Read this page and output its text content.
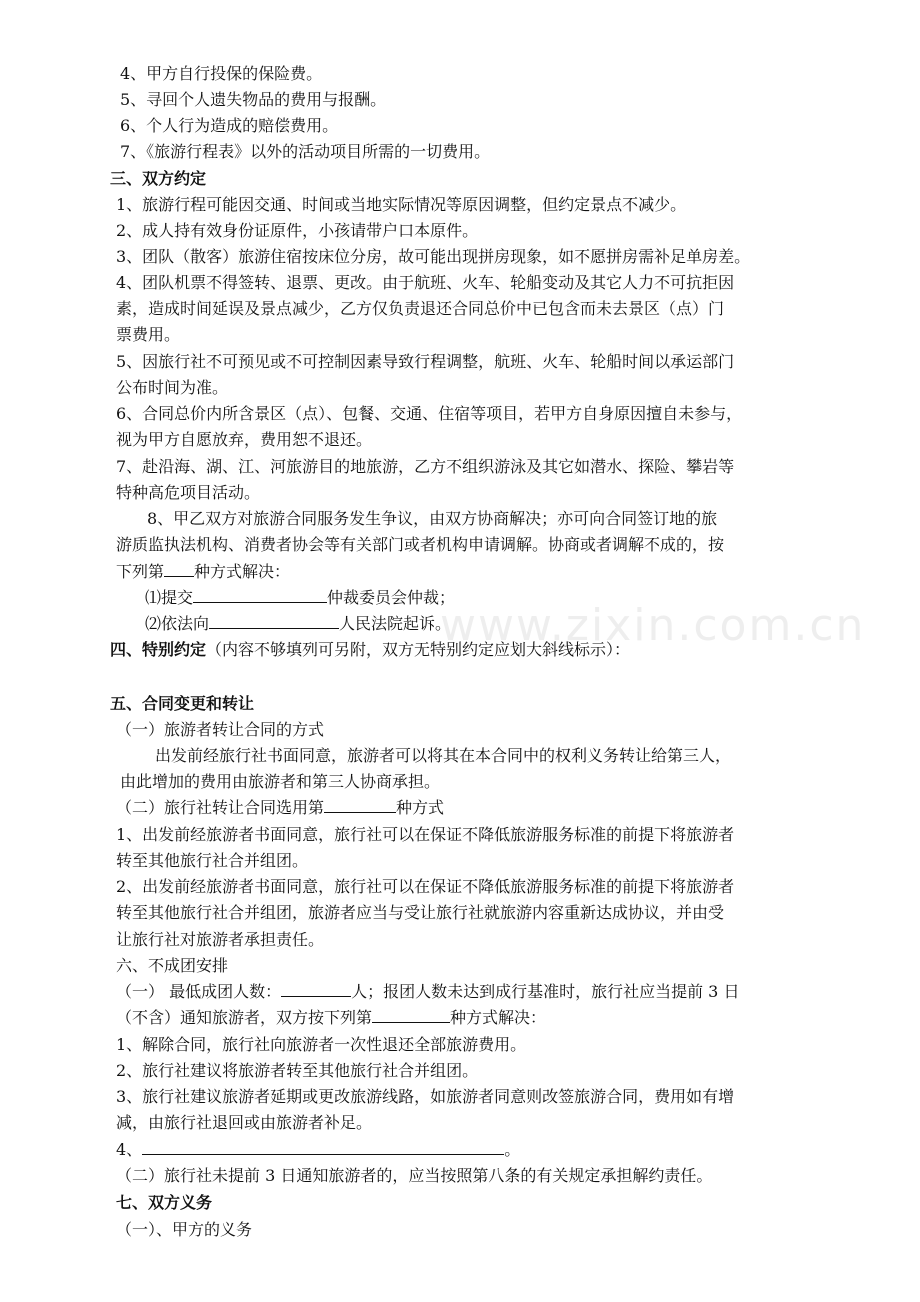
www.zixin.com.cn
4、甲方自行投保的保险费。
5、寻回个人遗失物品的费用与报酬。
6、个人行为造成的赔偿费用。
7、《旅游行程表》以外的活动项目所需的一切费用。
三、双方约定
1、旅游行程可能因交通、时间或当地实际情况等原因调整，但约定景点不减少。
2、成人持有效身份证原件，小孩请带户口本原件。
3、团队（散客）旅游住宿按床位分房，故可能出现拼房现象，如不愿拼房需补足单房差。
4、团队机票不得签转、退票、更改。由于航班、火车、轮船变动及其它人力不可抗拒因
素，造成时间延误及景点减少，乙方仅负责退还合同总价中已包含而未去景区（点）门
票费用。
5、因旅行社不可预见或不可控制因素导致行程调整，航班、火车、轮船时间以承运部门
公布时间为准。
6、合同总价内所含景区（点）、包餐、交通、住宿等项目，若甲方自身原因擅自未参与，
视为甲方自愿放弃，费用恕不退还。
7、赴沿海、湖、江、河旅游目的地旅游，乙方不组织游泳及其它如潜水、探险、攀岩等
特种高危项目活动。
8、甲乙双方对旅游合同服务发生争议，由双方协商解决；亦可向合同签订地的旅
游质监执法机构、消费者协会等有关部门或者机构申请调解。协商或者调解不成的，按
下列第 种方式解决：
⑴提交	仲裁委员会仲裁；
⑵依法向	人民法院起诉。
四、特别约定（内容不够填列可另附，双方无特别约定应划大斜线标示）：
五、合同变更和转让
（一）旅游者转让合同的方式
出发前经旅行社书面同意，旅游者可以将其在本合同中的权利义务转让给第三人，
由此增加的费用由旅游者和第三人协商承担。
（二）旅行社转让合同选用第	种方式
1、出发前经旅游者书面同意，旅行社可以在保证不降低旅游服务标准的前提下将旅游者
转至其他旅行社合并组团。
2、出发前经旅游者书面同意，旅行社可以在保证不降低旅游服务标准的前提下将旅游者
转至其他旅行社合并组团，旅游者应当与受让旅行社就旅游内容重新达成协议，并由受
让旅行社对旅游者承担责任。
六、不成团安排
（一） 最低成团人数：	人；报团人数未达到成行基准时，旅行社应当提前 3 日
（不含）通知旅游者，双方按下列第	种方式解决：
1、解除合同，旅行社向旅游者一次性退还全部旅游费用。
2、旅行社建议将旅游者转至其他旅行社合并组团。
3、旅行社建议旅游者延期或更改旅游线路，如旅游者同意则改签旅游合同，费用如有增
减，由旅行社退回或由旅游者补足。
4、	。
（二）旅行社未提前 3 日通知旅游者的，应当按照第八条的有关规定承担解约责任。
七、双方义务
（一）、甲方的义务
